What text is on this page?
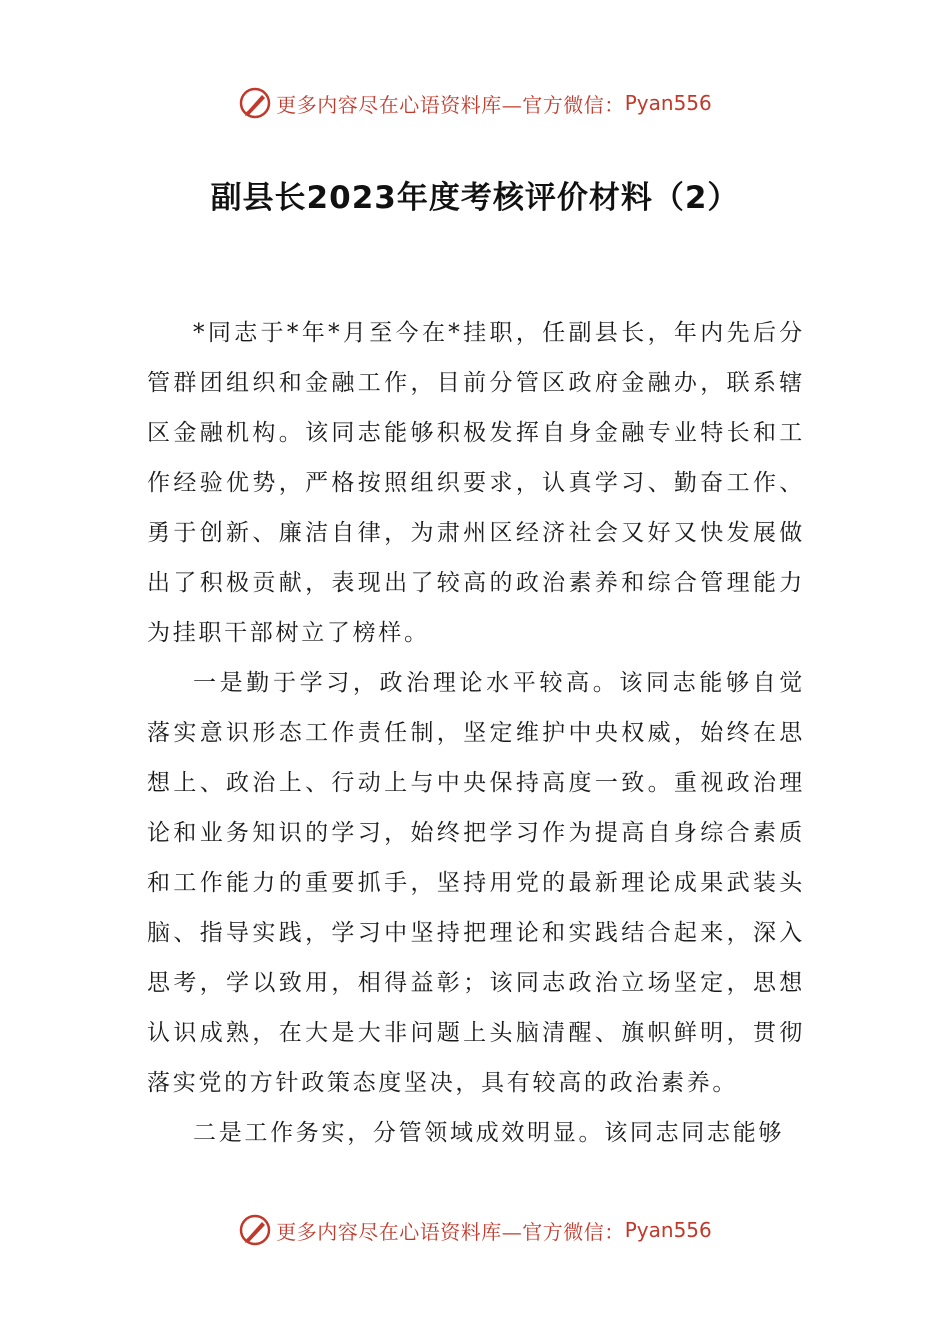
更多内容尽在心语资料库—官方微信： Pyan556
副县长2023年度考核评价材料（2）

*同志于*年*月至今在*挂职，任副县长，年内先后分管群团组织和金融工作，目前分管区政府金融办，联系辖区金融机构。该同志能够积极发挥自身金融专业特长和工作经验优势，严格按照组织要求，认真学习、勤奋工作、勇于创新、廉洁自律，为肃州区经济社会又好又快发展做出了积极贡献，表现出了较高的政治素养和综合管理能力为挂职干部树立了榜样。

一是勤于学习，政治理论水平较高。该同志能够自觉落实意识形态工作责任制，坚定维护中央权威，始终在思想上、政治上、行动上与中央保持高度一致。重视政治理论和业务知识的学习，始终把学习作为提高自身综合素质和工作能力的重要抓手，坚持用党的最新理论成果武装头脑、指导实践，学习中坚持把理论和实践结合起来，深入思考，学以致用，相得益彰；该同志政治立场坚定，思想认识成熟，在大是大非问题上头脑清醒、旗帜鲜明，贯彻落实党的方针政策态度坚决，具有较高的政治素养。

二是工作务实，分管领域成效明显。该同志同志能够

更多内容尽在心语资料库—官方微信： Pyan556
